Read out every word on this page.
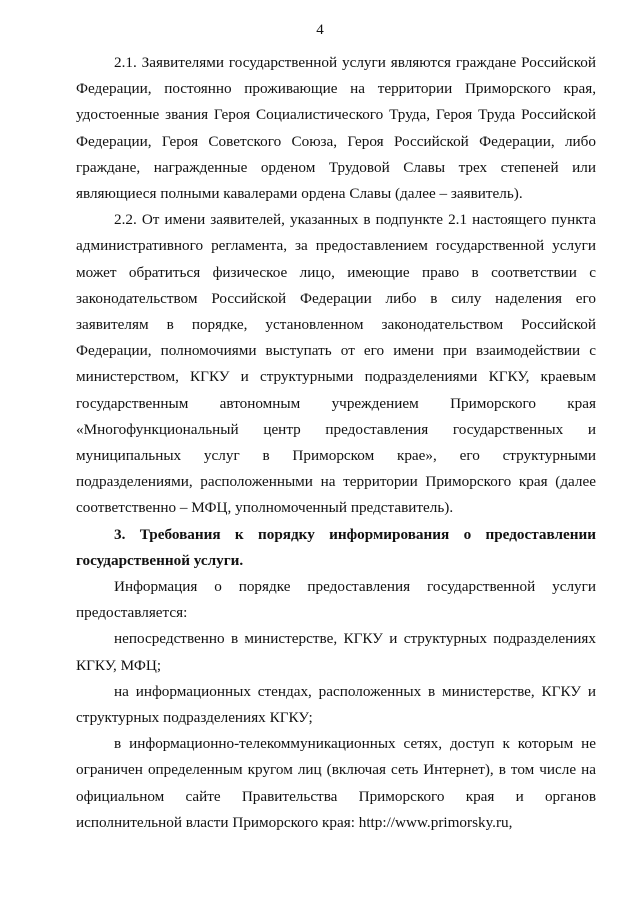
4

2.1. Заявителями государственной услуги являются граждане Российской Федерации, постоянно проживающие на территории Приморского края, удостоенные звания Героя Социалистического Труда, Героя Труда Российской Федерации, Героя Советского Союза, Героя Российской Федерации, либо граждане, награжденные орденом Трудовой Славы трех степеней или являющиеся полными кавалерами ордена Славы (далее – заявитель).

2.2. От имени заявителей, указанных в подпункте 2.1 настоящего пункта административного регламента, за предоставлением государственной услуги может обратиться физическое лицо, имеющие право в соответствии с законодательством Российской Федерации либо в силу наделения его заявителям в порядке, установленном законодательством Российской Федерации, полномочиями выступать от его имени при взаимодействии с министерством, КГКУ и структурными подразделениями КГКУ, краевым государственным автономным учреждением Приморского края «Многофункциональный центр предоставления государственных и муниципальных услуг в Приморском крае», его структурными подразделениями, расположенными на территории Приморского края (далее соответственно – МФЦ, уполномоченный представитель).

3. Требования к порядку информирования о предоставлении государственной услуги.

Информация о порядке предоставления государственной услуги предоставляется:

непосредственно в министерстве, КГКУ и структурных подразделениях КГКУ, МФЦ;

на информационных стендах, расположенных в министерстве, КГКУ и структурных подразделениях КГКУ;

в информационно-телекоммуникационных сетях, доступ к которым не ограничен определенным кругом лиц (включая сеть Интернет), в том числе на официальном сайте Правительства Приморского края и органов исполнительной власти Приморского края: http://www.primorsky.ru,
